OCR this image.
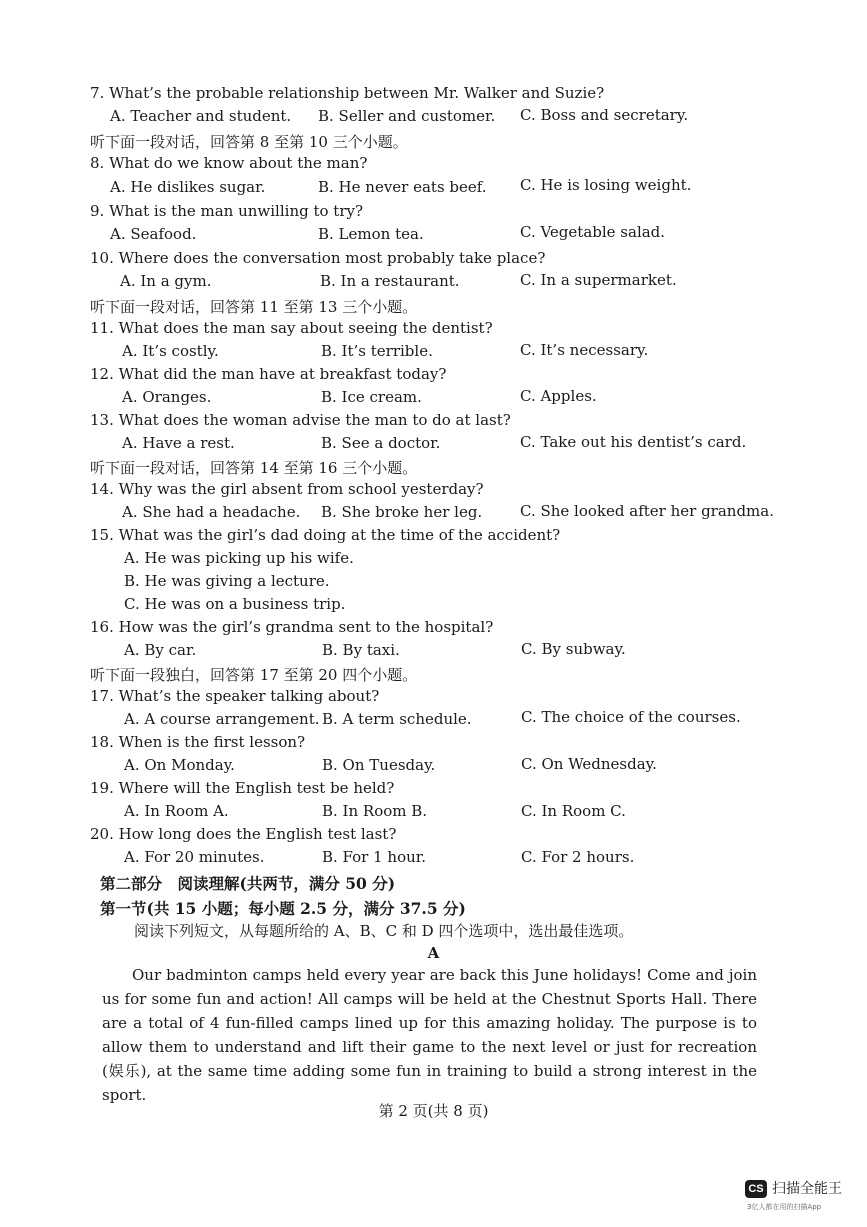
7. What’s the probable relationship between Mr. Walker and Suzie?
A. Teacher and student. B. Seller and customer. C. Boss and secretary.
听下面一段对话，回答第 8 至第 10 三个小题。
8. What do we know about the man?
A. He dislikes sugar.	B. He never eats beef. C. He is losing weight.
9. What is the man unwilling to try?
A. Seafood.	B. Lemon tea.	C. Vegetable salad.
10. Where does the conversation most probably take place?
A. In a gym.	B. In a restaurant.	C. In a supermarket.
听下面一段对话，回答第 11 至第 13 三个小题。
11. What does the man say about seeing the dentist?
A. It’s costly.	B. It’s terrible.	C. It’s necessary.
12. What did the man have at breakfast today?
A. Oranges.	B. Ice cream.	C. Apples.
13. What does the woman advise the man to do at last?
A. Have a rest.	B. See a doctor.	C. Take out his dentist’s card.
听下面一段对话，回答第 14 至第 16 三个小题。
14. Why was the girl absent from school yesterday?
A. She had a headache. B. She broke her leg.	C. She looked after her grandma.
15. What was the girl’s dad doing at the time of the accident?
A. He was picking up his wife.
B. He was giving a lecture.
C. He was on a business trip.
16. How was the girl’s grandma sent to the hospital?
A. By car.	B. By taxi.	C. By subway.
听下面一段独白，回答第 17 至第 20 四个小题。
17. What’s the speaker talking about?
A. A course arrangement. B. A term schedule.	C. The choice of the courses.
18. When is the first lesson?
A. On Monday.	B. On Tuesday.	C. On Wednesday.
19. Where will the English test be held?
A. In Room A.	B. In Room B.	C. In Room C.
20. How long does the English test last?
A. For 20 minutes.	B. For 1 hour.	C. For 2 hours.
第二部分　阅读理解(共两节，满分 50 分)
第一节(共 15 小题；每小题 2.5 分，满分 37.5 分)
阅读下列短文，从每题所给的 A、B、C 和 D 四个选项中，选出最佳选项。
A
Our badminton camps held every year are back this June holidays! Come and join us for some fun and action! All camps will be held at the Chestnut Sports Hall. There are a total of 4 fun-filled camps lined up for this amazing holiday. The purpose is to allow them to understand and lift their game to the next level or just for recreation (娱乐), at the same time adding some fun in training to build a strong interest in the sport.
第 2 页(共 8 页)
CS 扫描全能王
3亿人都在用的扫描App
